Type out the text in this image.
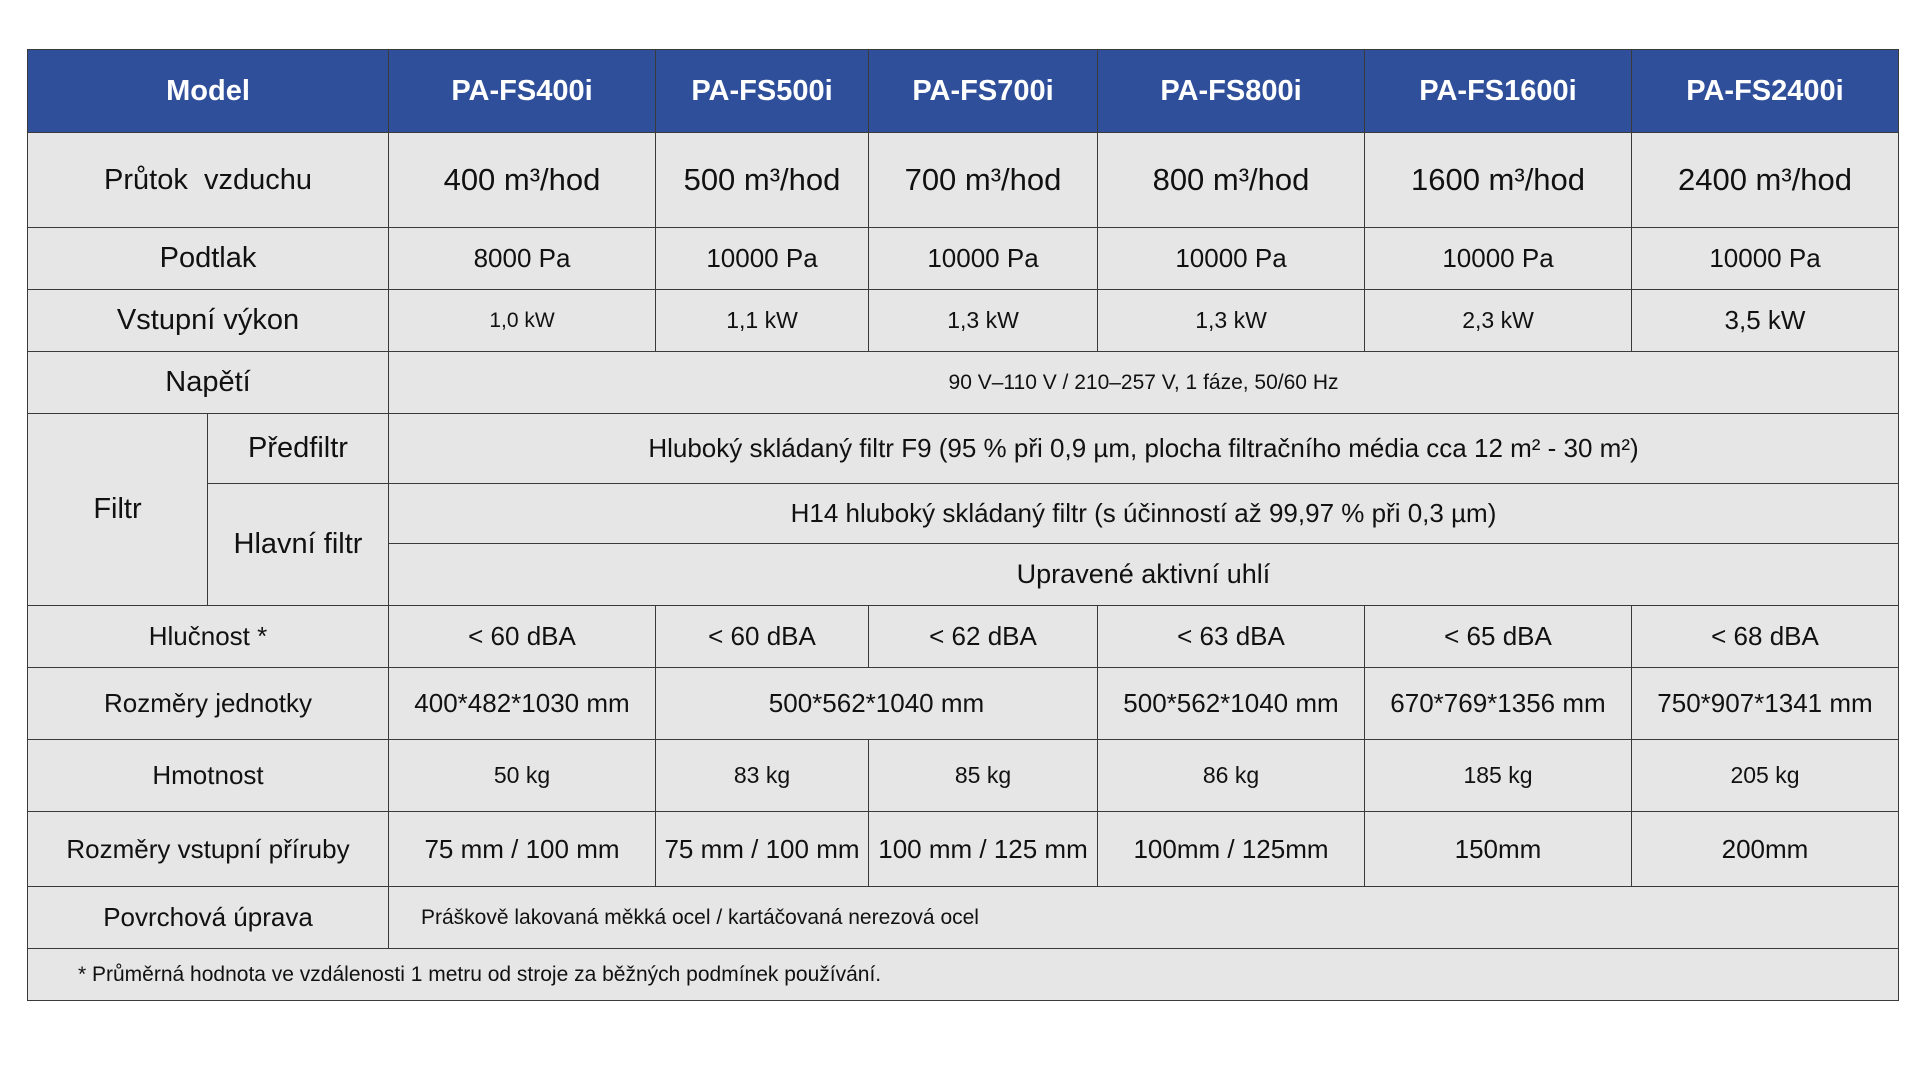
Model		PA-FS400i	PA-FS500i	PA-FS700i	PA-FS800i	PA-FS1600i	PA-FS2400i
Průtok  vzduchu		400 m³/hod	500 m³/hod	700 m³/hod	800 m³/hod	1600 m³/hod	2400 m³/hod
Podtlak		8000 Pa	10000 Pa	10000 Pa	10000 Pa	10000 Pa	10000 Pa
Vstupní výkon		1,0 kW	1,1 kW	1,3 kW	1,3 kW	2,3 kW	3,5 kW
Napětí		90 V–110 V / 210–257 V, 1 fáze, 50/60 Hz					
Filtr	Předfiltr	Hluboký skládaný filtr F9 (95 % při 0,9 µm, plocha filtračního média cca 12 m² - 30 m²)					
	Hlavní filtr	H14 hluboký skládaný filtr (s účinností až 99,97 % při 0,3 µm)					
		Upravené aktivní uhlí					
Hlučnost *		< 60 dBA	< 60 dBA	< 62 dBA	< 63 dBA	< 65 dBA	< 68 dBA
Rozměry jednotky		400*482*1030 mm	500*562*1040 mm		500*562*1040 mm	670*769*1356 mm	750*907*1341 mm
Hmotnost		50 kg	83 kg	85 kg	86 kg	185 kg	205 kg
Rozměry vstupní příruby		75 mm / 100 mm	75 mm / 100 mm	100 mm / 125 mm	100mm / 125mm	150mm	200mm
Povrchová úprava		Práškově lakovaná měkká ocel / kartáčovaná nerezová ocel					
* Průměrná hodnota ve vzdálenosti 1 metru od stroje za běžných podmínek používání.							
